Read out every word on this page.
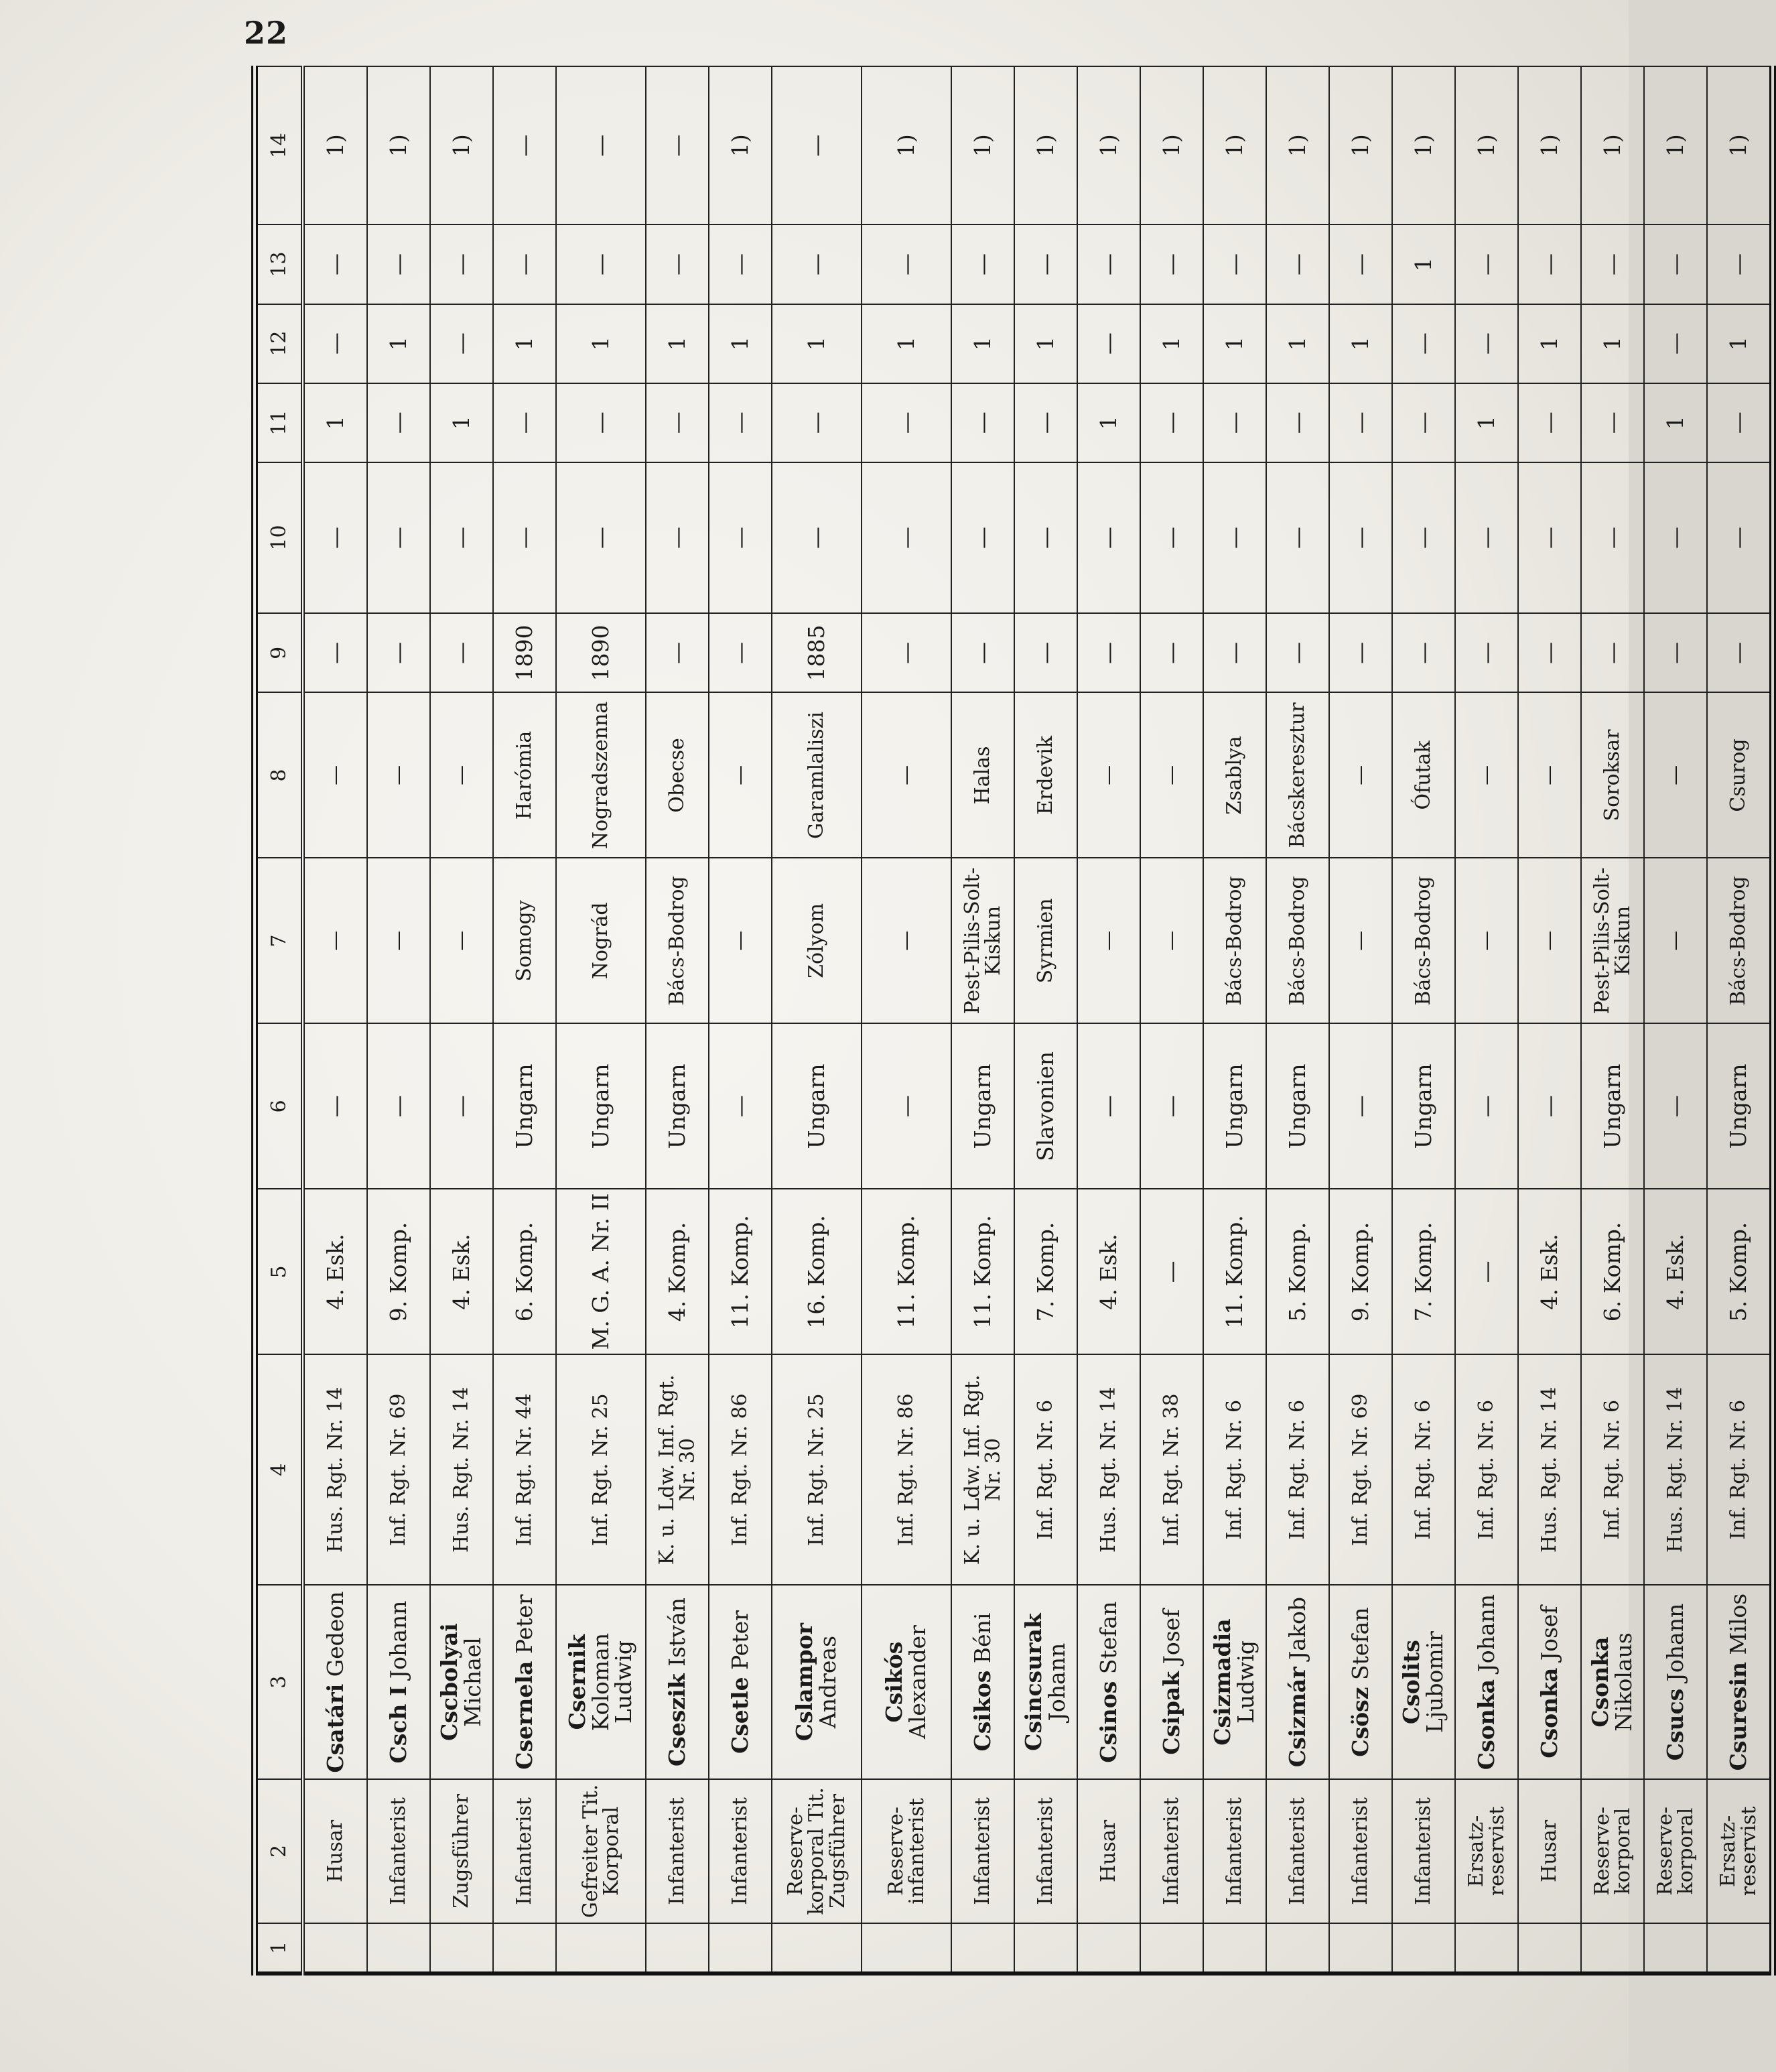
22
1	2	3	4	5	6	7	8	9	10	11	12	13	14
	Husar	Csatári Gedeon	Hus. Rgt. Nr. 14	4. Esk.	—	—	—	—	—	1	—	—	1)
	Infanterist	Csch I Johann	Inf. Rgt. Nr. 69	9. Komp.	—	—	—	—	—	—	1	—	1)
	Zugsführer	Cscbolyai Michael	Hus. Rgt. Nr. 14	4. Esk.	—	—	—	—	—	1	—	—	1)
	Infanterist	Csernela Peter	Inf. Rgt. Nr. 44	6. Komp.	Ungarn	Somogy	Harómia	1890	—	—	1	—	—
	Gefreiter Tit. Korporal	Csernik Koloman Ludwig	Inf. Rgt. Nr. 25	M. G. A. Nr. II	Ungarn	Nográd	Nogradszenna	1890	—	—	1	—	—
	Infanterist	Cseszik István	K. u. Ldw. Inf. Rgt. Nr. 30	4. Komp.	Ungarn	Bács-Bodrog	Obecse	—	—	—	1	—	—
	Infanterist	Csetle Peter	Inf. Rgt. Nr. 86	11. Komp.	—	—	—	—	—	—	1	—	1)
	Reserve-korporal Tit. Zugsführer	Cslampor Andreas	Inf. Rgt. Nr. 25	16. Komp.	Ungarn	Zólyom	Garamlaliszi	1885	—	—	1	—	—
	Reserve-infanterist	Csikós Alexander	Inf. Rgt. Nr. 86	11. Komp.	—	—	—	—	—	—	1	—	1)
	Infanterist	Csikos Béni	K. u. Ldw. Inf. Rgt. Nr. 30	11. Komp.	Ungarn	Pest-Pilis-Solt-Kiskun	Halas	—	—	—	1	—	1)
	Infanterist	Csincsurak Johann	Inf. Rgt. Nr. 6	7. Komp.	Slavonien	Syrmien	Erdevik	—	—	—	1	—	1)
	Husar	Csinos Stefan	Hus. Rgt. Nr. 14	4. Esk.	—	—	—	—	—	1	—	—	1)
	Infanterist	Csipak Josef	Inf. Rgt. Nr. 38	—	—	—	—	—	—	—	1	—	1)
	Infanterist	Csizmadia Ludwig	Inf. Rgt. Nr. 6	11. Komp.	Ungarn	Bács-Bodrog	Zsablya	—	—	—	1	—	1)
	Infanterist	Csizmár Jakob	Inf. Rgt. Nr. 6	5. Komp.	Ungarn	Bács-Bodrog	Bácskeresztur	—	—	—	1	—	1)
	Infanterist	Csösz Stefan	Inf. Rgt. Nr. 69	9. Komp.	—	—	—	—	—	—	1	—	1)
	Infanterist	Csolits Ljubomir	Inf. Rgt. Nr. 6	7. Komp.	Ungarn	Bács-Bodrog	Ófutak	—	—	—	—	1	1)
	Ersatz-reservist	Csonka Johann	Inf. Rgt. Nr. 6	—	—	—	—	—	—	1	—	—	1)
	Husar	Csonka Josef	Hus. Rgt. Nr. 14	4. Esk.	—	—	—	—	—	—	1	—	1)
	Reserve-korporal	Csonka Nikolaus	Inf. Rgt. Nr. 6	6. Komp.	Ungarn	Pest-Pilis-Solt-Kiskun	Soroksar	—	—	—	1	—	1)
	Reserve-korporal	Csucs Johann	Hus. Rgt. Nr. 14	4. Esk.	—	—	—	—	—	1	—	—	1)
	Ersatz-reservist	Csuresin Milos	Inf. Rgt. Nr. 6	5. Komp.	Ungarn	Bács-Bodrog	Csurog	—	—	—	1	—	1)
